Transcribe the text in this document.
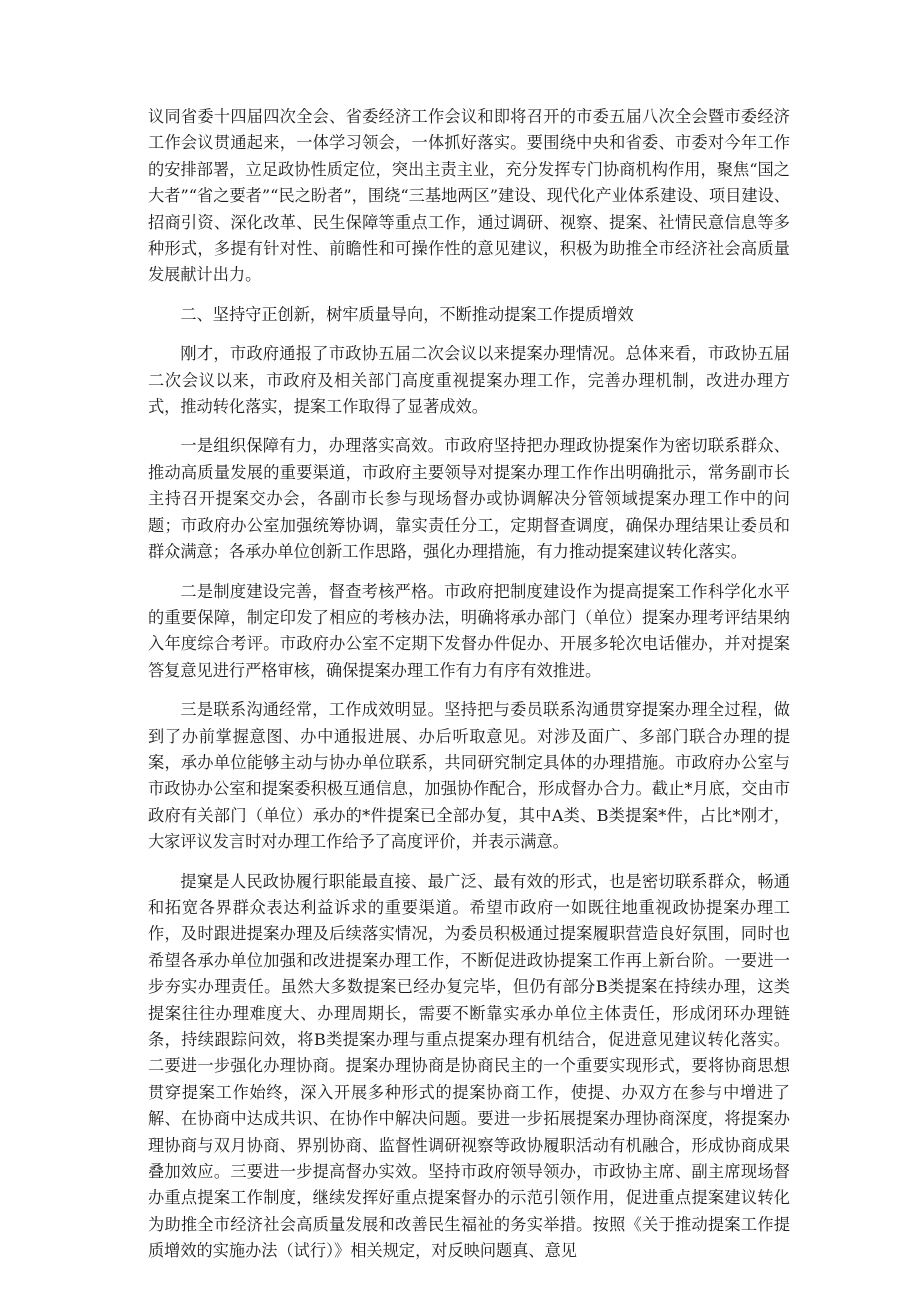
议同省委十四届四次全会、省委经济工作会议和即将召开的市委五届八次全会暨市委经济工作会议贯通起来，一体学习领会，一体抓好落实。要围绕中央和省委、市委对今年工作的安排部署，立足政协性质定位，突出主责主业，充分发挥专门协商机构作用，聚焦“国之大者”“省之要者”“民之盼者”，围绕“三基地两区”建设、现代化产业体系建设、项目建设、招商引资、深化改革、民生保障等重点工作，通过调研、视察、提案、社情民意信息等多种形式，多提有针对性、前瞻性和可操作性的意见建议，积极为助推全市经济社会高质量发展献计出力。

二、坚持守正创新，树牢质量导向，不断推动提案工作提质增效

刚才，市政府通报了市政协五届二次会议以来提案办理情况。总体来看，市政协五届二次会议以来，市政府及相关部门高度重视提案办理工作，完善办理机制，改进办理方式，推动转化落实，提案工作取得了显著成效。

一是组织保障有力，办理落实高效。市政府坚持把办理政协提案作为密切联系群众、推动高质量发展的重要渠道，市政府主要领导对提案办理工作作出明确批示，常务副市长主持召开提案交办会，各副市长参与现场督办或协调解决分管领域提案办理工作中的问题；市政府办公室加强统筹协调，靠实责任分工，定期督查调度，确保办理结果让委员和群众满意；各承办单位创新工作思路，强化办理措施，有力推动提案建议转化落实。

二是制度建设完善，督查考核严格。市政府把制度建设作为提高提案工作科学化水平的重要保障，制定印发了相应的考核办法，明确将承办部门（单位）提案办理考评结果纳入年度综合考评。市政府办公室不定期下发督办件促办、开展多轮次电话催办，并对提案答复意见进行严格审核，确保提案办理工作有力有序有效推进。

三是联系沟通经常，工作成效明显。坚持把与委员联系沟通贯穿提案办理全过程，做到了办前掌握意图、办中通报进展、办后听取意见。对涉及面广、多部门联合办理的提案，承办单位能够主动与协办单位联系，共同研究制定具体的办理措施。市政府办公室与市政协办公室和提案委积极互通信息，加强协作配合，形成督办合力。截止*月底，交由市政府有关部门（单位）承办的*件提案已全部办复，其中A类、B类提案*件，占比*刚才，大家评议发言时对办理工作给予了高度评价，并表示满意。

提窠是人民政协履行职能最直接、最广泛、最有效的形式，也是密切联系群众，畅通和拓宽各界群众表达利益诉求的重要渠道。希望市政府一如既往地重视政协提案办理工作，及时跟进提案办理及后续落实情况，为委员积极通过提案履职营造良好氛围，同时也希望各承办单位加强和改进提案办理工作，不断促进政协提案工作再上新台阶。一要进一步夯实办理责任。虽然大多数提案已经办复完毕，但仍有部分B类提案在持续办理，这类提案往往办理难度大、办理周期长，需要不断靠实承办单位主体责任，形成闭环办理链条，持续跟踪问效，将B类提案办理与重点提案办理有机结合，促进意见建议转化落实。二要进一步强化办理协商。提案办理协商是协商民主的一个重要实现形式，要将协商思想贯穿提案工作始终，深入开展多种形式的提案协商工作，使提、办双方在参与中增进了解、在协商中达成共识、在协作中解决问题。要进一步拓展提案办理协商深度，将提案办理协商与双月协商、界别协商、监督性调研视察等政协履职活动有机融合，形成协商成果叠加效应。三要进一步提高督办实效。坚持市政府领导领办，市政协主席、副主席现场督办重点提案工作制度，继续发挥好重点提案督办的示范引领作用，促进重点提案建议转化为助推全市经济社会高质量发展和改善民生福祉的务实举措。按照《关于推动提案工作提质增效的实施办法（试行）》相关规定，对反映问题真、意见
